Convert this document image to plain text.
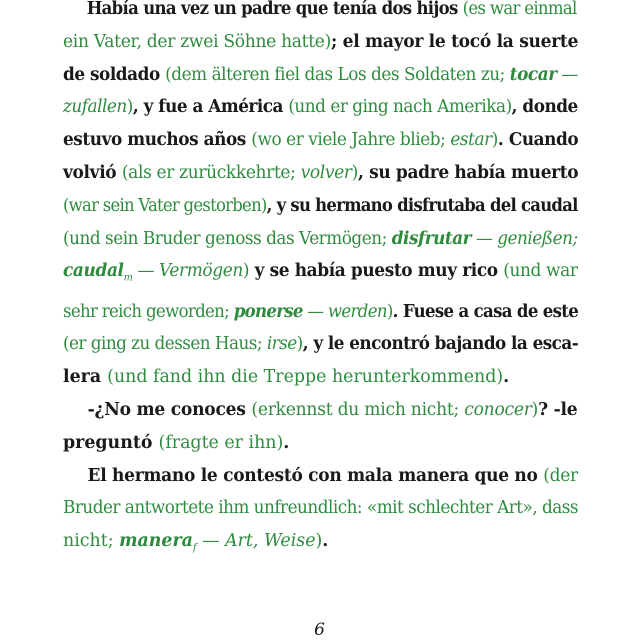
Había una vez un padre que tenía dos hijos (es war einmal
ein Vater, der zwei Söhne hatte); el mayor le tocó la suerte
de soldado (dem älteren fiel das Los des Soldaten zu; tocar —
zufallen), y fue a América (und er ging nach Amerika), donde
estuvo muchos años (wo er viele Jahre blieb; estar). Cuando
volvió (als er zurückkehrte; volver), su padre había muerto
(war sein Vater gestorben), y su hermano disfrutaba del caudal
(und sein Bruder genoss das Vermögen; disfrutar — genießen;
caudal$_m$ — Vermögen) y se había puesto muy rico (und war
sehr reich geworden; ponerse — werden). Fuese a casa de este
(er ging zu dessen Haus; irse), y le encontró bajando la esca-
lera (und fand ihn die Treppe herunterkommend).
-¿No me conoces (erkennst du mich nicht; conocer)? -le
preguntó (fragte er ihn).
El hermano le contestó con mala manera que no (der
Bruder antwortete ihm unfreundlich: «mit schlechter Art», dass
nicht; manera$_f$ — Art, Weise).
6
